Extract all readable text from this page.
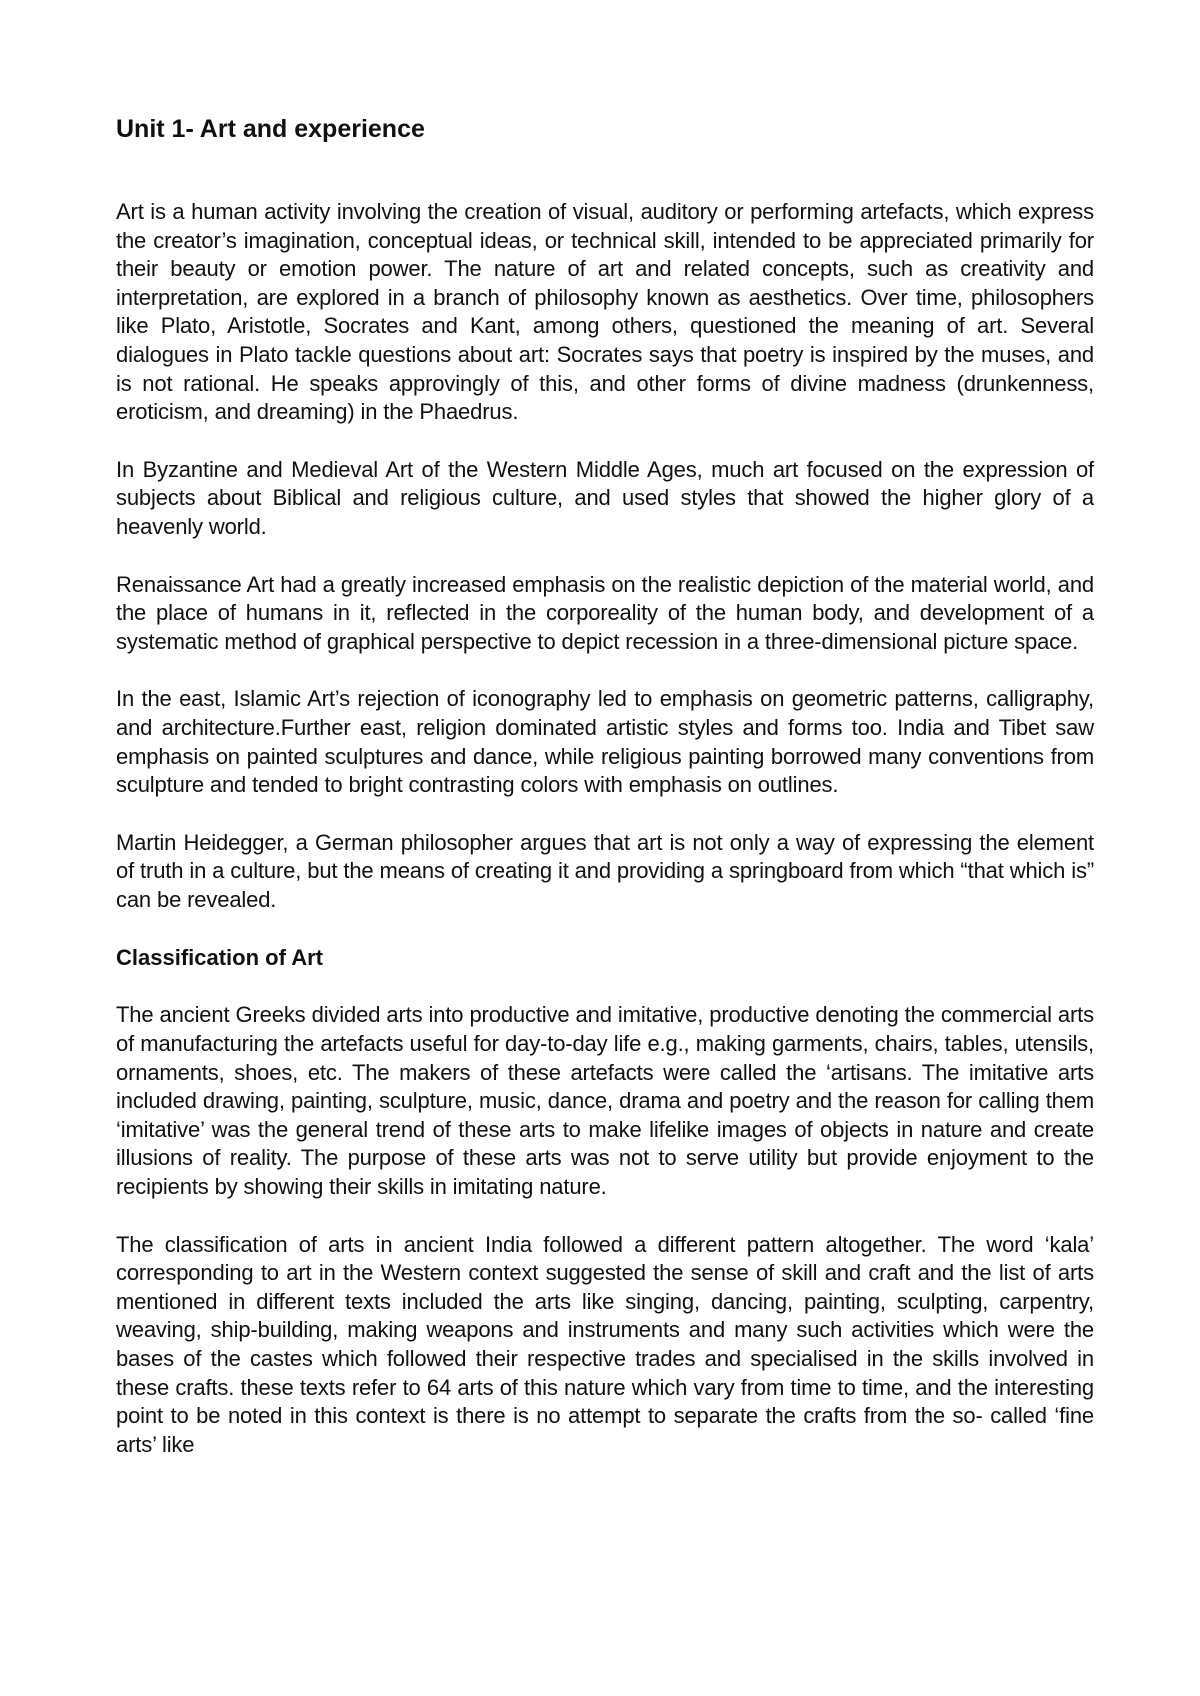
Unit 1- Art and experience

Art is a human activity involving the creation of visual, auditory or performing artefacts, which express the creator’s imagination, conceptual ideas, or technical skill, intended to be appreciated primarily for their beauty or emotion power. The nature of art and related concepts, such as creativity and interpretation, are explored in a branch of philosophy known as aesthetics. Over time, philosophers like Plato, Aristotle, Socrates and Kant, among others, questioned the meaning of art. Several dialogues in Plato tackle questions about art: Socrates says that poetry is inspired by the muses, and is not rational. He speaks approvingly of this, and other forms of divine madness (drunkenness, eroticism, and dreaming) in the Phaedrus.

In Byzantine and Medieval Art of the Western Middle Ages, much art focused on the expression of subjects about Biblical and religious culture, and used styles that showed the higher glory of a heavenly world.

Renaissance Art had a greatly increased emphasis on the realistic depiction of the material world, and the place of humans in it, reflected in the corporeality of the human body, and development of a systematic method of graphical perspective to depict recession in a three-dimensional picture space.

In the east, Islamic Art’s rejection of iconography led to emphasis on geometric patterns, calligraphy, and architecture.Further east, religion dominated artistic styles and forms too. India and Tibet saw emphasis on painted sculptures and dance, while religious painting borrowed many conventions from sculpture and tended to bright contrasting colors with emphasis on outlines.

Martin Heidegger, a German philosopher argues that art is not only a way of expressing the element of truth in a culture, but the means of creating it and providing a springboard from which “that which is” can be revealed.

Classification of Art

The ancient Greeks divided arts into productive and imitative, productive denoting the commercial arts of manufacturing the artefacts useful for day-to-day life e.g., making garments, chairs, tables, utensils, ornaments, shoes, etc. The makers of these artefacts were called the ‘artisans. The imitative arts included drawing, painting, sculpture, music, dance, drama and poetry and the reason for calling them ‘imitative’ was the general trend of these arts to make lifelike images of objects in nature and create illusions of reality. The purpose of these arts was not to serve utility but provide enjoyment to the recipients by showing their skills in imitating nature.

The classification of arts in ancient India followed a different pattern altogether. The word ‘kala’ corresponding to art in the Western context suggested the sense of skill and craft and the list of arts mentioned in different texts included the arts like singing, dancing, painting, sculpting, carpentry, weaving, ship-building, making weapons and instruments and many such activities which were the bases of the castes which followed their respective trades and specialised in the skills involved in these crafts. these texts refer to 64 arts of this nature which vary from time to time, and the interesting point to be noted in this context is there is no attempt to separate the crafts from the so- called ‘fine arts’ like
